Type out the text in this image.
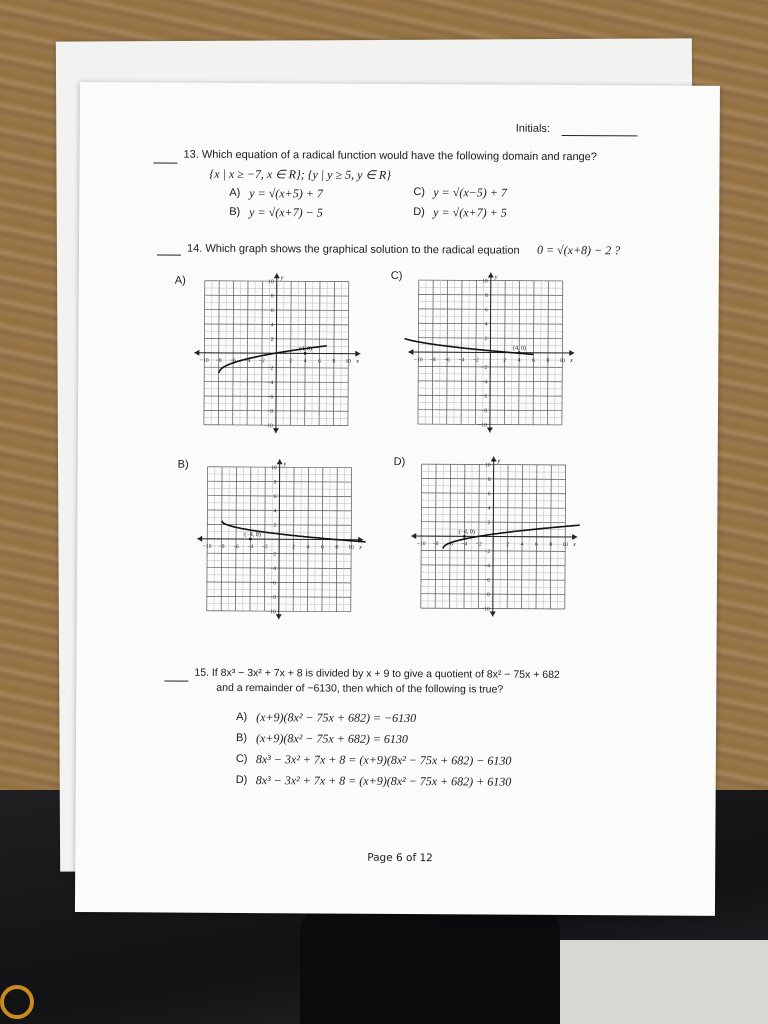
Initials:
13. Which equation of a radical function would have the following domain and range?
{x | x ≥ −7, x ∈ R}; {y | y ≥ 5, y ∈ R}
A) y = √(x+5) + 7
B) y = √(x+7) − 5
C) y = √(x−5) + 7
D) y = √(x+7) + 5
14. Which graph shows the graphical solution to the radical equation 0 = √(x+8) − 2 ?
A)	C)
B)	D)
−10 −8 −6 −4 −2	2 4 6 8 10
10
8
6
4
2
−2
−4
−6
−8
−10
x
y
(4, 0)
−10 −8 −6 −4 −2	2 4 6 8 10
10
8
6
4
2
−2
−4
−6
−8
−10
x
y
(4, 0)
−10 −8 −6 −4 −2	2 4 6 8 10
10
8
6
4
2
−2
−4
−6
−8
−10
x
y
(−4, 0)
−10 −8 −6 −4 −2	2 4 6 8 10
10
8
6
4
2
−2
−4
−6
−8
−10
x
y
(−4, 0)
15. If 8x³ − 3x² + 7x + 8 is divided by x + 9 to give a quotient of 8x² − 75x + 682
and a remainder of −6130, then which of the following is true?
A) (x+9)(8x² − 75x + 682) = −6130
B) (x+9)(8x² − 75x + 682) = 6130
C) 8x³ − 3x² + 7x + 8 = (x+9)(8x² − 75x + 682) − 6130
D) 8x³ − 3x² + 7x + 8 = (x+9)(8x² − 75x + 682) + 6130
Page 6 of 12
